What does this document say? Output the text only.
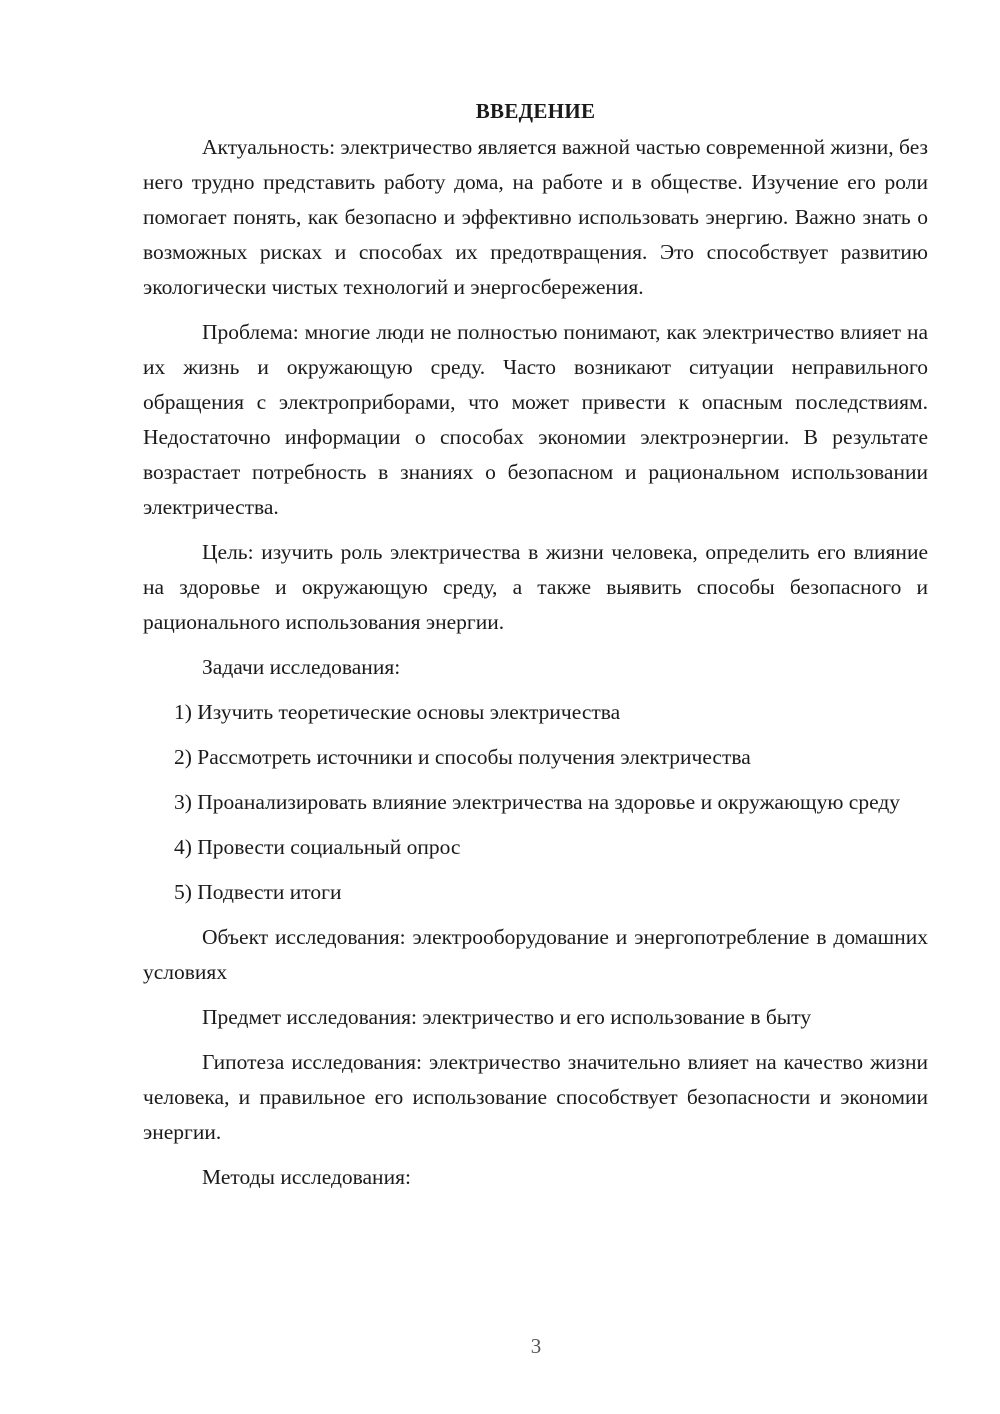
ВВЕДЕНИЕ

Актуальность: электричество является важной частью современной жизни, без него трудно представить работу дома, на работе и в обществе. Изучение его роли помогает понять, как безопасно и эффективно использовать энергию. Важно знать о возможных рисках и способах их предотвращения. Это способствует развитию экологически чистых технологий и энергосбережения.

Проблема: многие люди не полностью понимают, как электричество влияет на их жизнь и окружающую среду. Часто возникают ситуации неправильного обращения с электроприборами, что может привести к опасным последствиям. Недостаточно информации о способах экономии электроэнергии. В результате возрастает потребность в знаниях о безопасном и рациональном использовании электричества.

Цель: изучить роль электричества в жизни человека, определить его влияние на здоровье и окружающую среду, а также выявить способы безопасного и рационального использования энергии.

Задачи исследования:

1) Изучить теоретические основы электричества

2) Рассмотреть источники и способы получения электричества

3) Проанализировать влияние электричества на здоровье и окружающую среду

4) Провести социальный опрос

5) Подвести итоги

Объект исследования: электрооборудование и энергопотребление в домашних условиях

Предмет исследования: электричество и его использование в быту

Гипотеза исследования: электричество значительно влияет на качество жизни человека, и правильное его использование способствует безопасности и экономии энергии.

Методы исследования:

3
